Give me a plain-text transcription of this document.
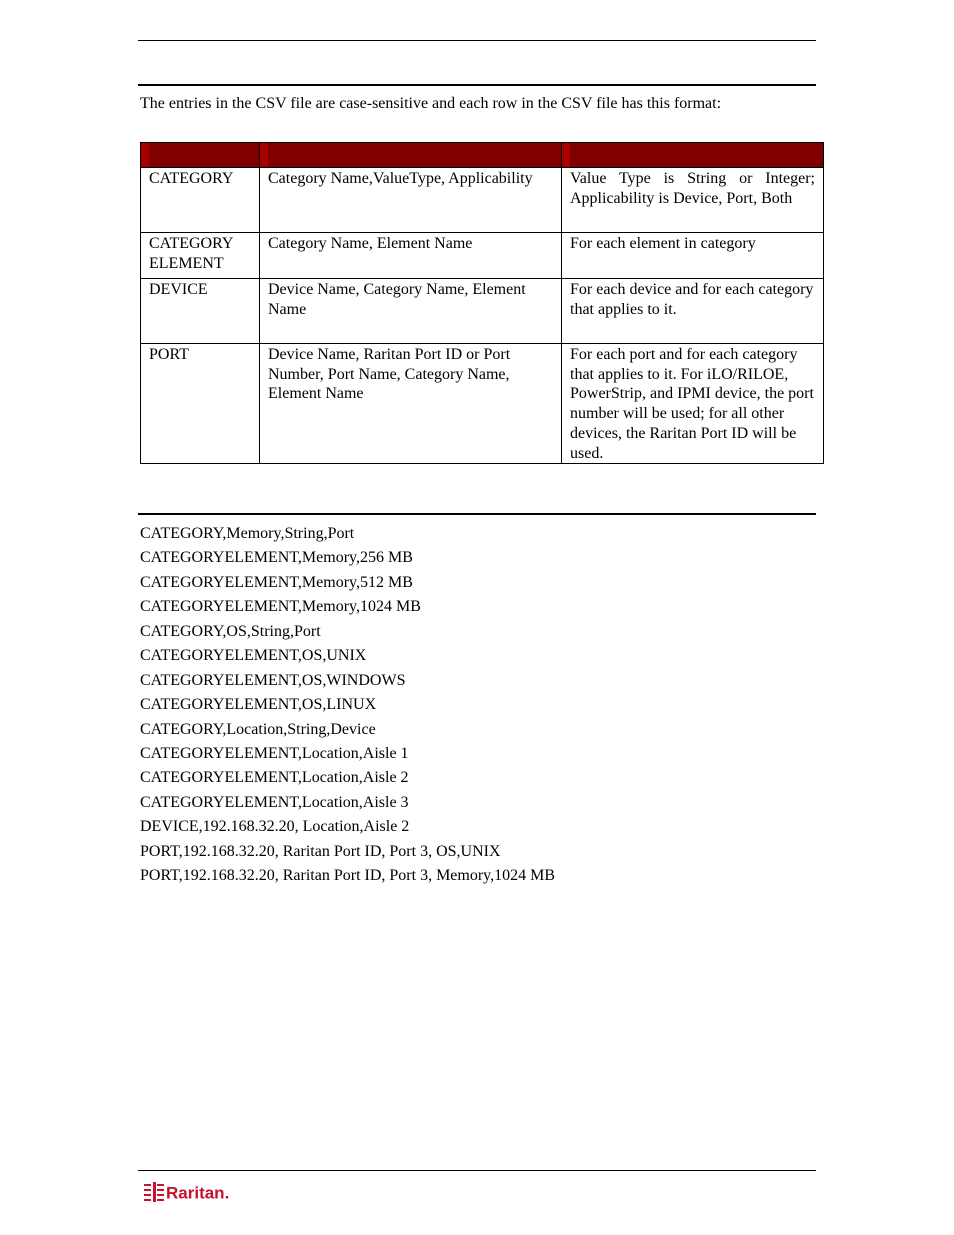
The entries in the CSV file are case-sensitive and each row in the CSV file has this format:

CATEGORY	Category Name,ValueType, Applicability	Value Type is String or Integer; Applicability is Device, Port, Both
CATEGORY ELEMENT	Category Name, Element Name	For each element in category
DEVICE	Device Name, Category Name, Element Name	For each device and for each category that applies to it.
PORT	Device Name, Raritan Port ID or Port Number, Port Name, Category Name, Element Name	For each port and for each category that applies to it. For iLO/RILOE, PowerStrip, and IPMI device, the port number will be used; for all other devices, the Raritan Port ID will be used.
CATEGORY,Memory,String,Port
CATEGORYELEMENT,Memory,256 MB
CATEGORYELEMENT,Memory,512 MB
CATEGORYELEMENT,Memory,1024 MB
CATEGORY,OS,String,Port
CATEGORYELEMENT,OS,UNIX
CATEGORYELEMENT,OS,WINDOWS
CATEGORYELEMENT,OS,LINUX
CATEGORY,Location,String,Device
CATEGORYELEMENT,Location,Aisle 1
CATEGORYELEMENT,Location,Aisle 2
CATEGORYELEMENT,Location,Aisle 3
DEVICE,192.168.32.20, Location,Aisle 2
PORT,192.168.32.20, Raritan Port ID, Port 3, OS,UNIX
PORT,192.168.32.20, Raritan Port ID, Port 3, Memory,1024 MB
Raritan.
